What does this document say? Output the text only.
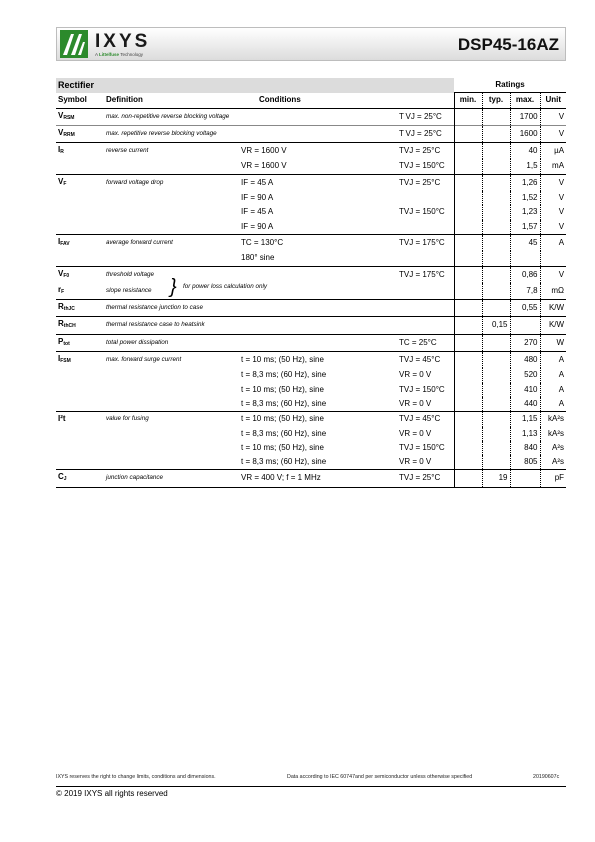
IXYS
A Littelfuse Technology
DSP45-16AZ
Rectifier				Ratings			
Symbol	Definition	Conditions		min.	typ.	max.	Unit
$V_{RSM}$	max. non-repetitive reverse blocking voltage		T VJ = 25°C			1700	V
$V_{RRM}$	max. repetitive reverse blocking voltage		T VJ = 25°C			1600	V
$I_R$	reverse current	VR = 1600 V	TVJ = 25°C			40	µA
		VR = 1600 V	TVJ = 150°C			1,5	mA
$V_F$	forward voltage drop	IF = 45 A	TVJ = 25°C			1,26	V
		IF = 90 A				1,52	V
		IF = 45 A	TVJ = 150°C			1,23	V
		IF = 90 A				1,57	V
$I_{FAV}$	average forward current	TC = 130°C	TVJ = 175°C			45	A
		180° sine					
$V_{F0}$	threshold voltage		TVJ = 175°C			0,86	V
$r_F$	slope resistance } for power loss calculation only					7,8	mΩ
$R_{thJC}$	thermal resistance junction to case					0,55	K/W
$R_{thCH}$	thermal resistance case to heatsink				0,15		K/W
$P_{tot}$	total power dissipation		TC = 25°C			270	W
$I_{FSM}$	max. forward surge current	t = 10 ms; (50 Hz), sine	TVJ = 45°C			480	A
		t = 8,3 ms; (60 Hz), sine	VR = 0 V			520	A
		t = 10 ms; (50 Hz), sine	TVJ = 150°C			410	A
		t = 8,3 ms; (60 Hz), sine	VR = 0 V			440	A
I²t	value for fusing	t = 10 ms; (50 Hz), sine	TVJ = 45°C			1,15	kA²s
		t = 8,3 ms; (60 Hz), sine	VR = 0 V			1,13	kA²s
		t = 10 ms; (50 Hz), sine	TVJ = 150°C			840	A²s
		t = 8,3 ms; (60 Hz), sine	VR = 0 V			805	A²s
$C_J$	junction capacitance	VR = 400 V; f = 1 MHz	TVJ = 25°C		19		pF
IXYS reserves the right to change limits, conditions and dimensions.	Data according to IEC 60747and per semiconductor unless otherwise specified	20190607c
© 2019 IXYS all rights reserved
